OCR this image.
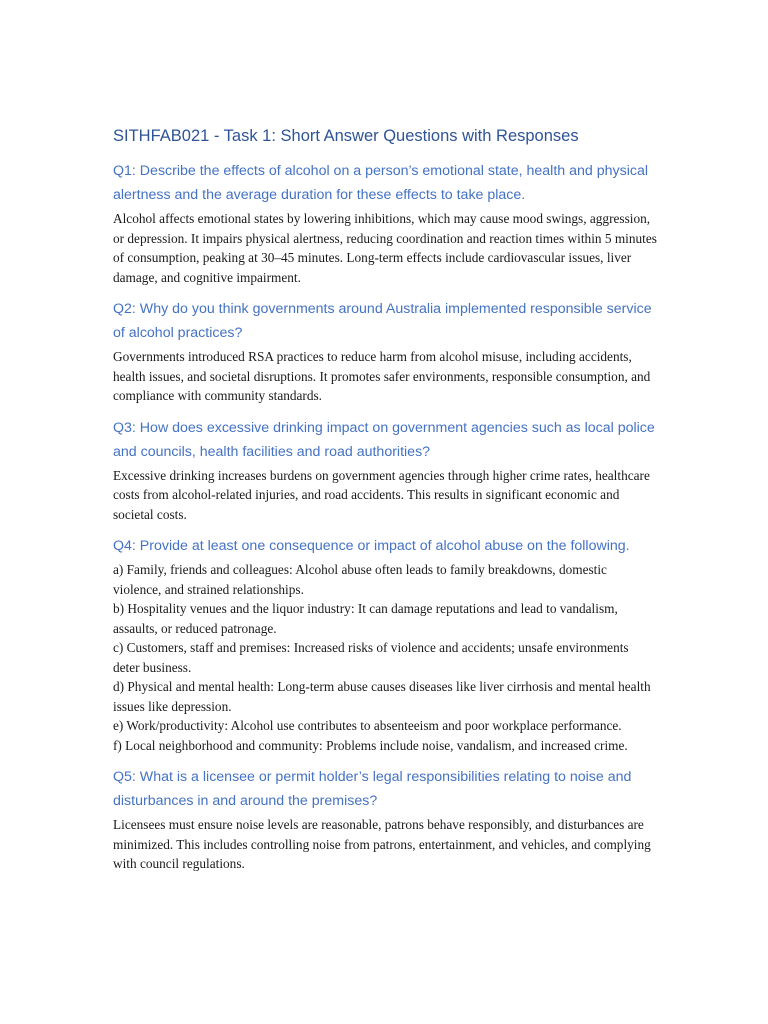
SITHFAB021 - Task 1: Short Answer Questions with Responses
Q1: Describe the effects of alcohol on a person’s emotional state, health and physical alertness and the average duration for these effects to take place.

Alcohol affects emotional states by lowering inhibitions, which may cause mood swings, aggression, or depression. It impairs physical alertness, reducing coordination and reaction times within 5 minutes of consumption, peaking at 30–45 minutes. Long-term effects include cardiovascular issues, liver damage, and cognitive impairment.

Q2: Why do you think governments around Australia implemented responsible service of alcohol practices?

Governments introduced RSA practices to reduce harm from alcohol misuse, including accidents, health issues, and societal disruptions. It promotes safer environments, responsible consumption, and compliance with community standards.

Q3: How does excessive drinking impact on government agencies such as local police and councils, health facilities and road authorities?

Excessive drinking increases burdens on government agencies through higher crime rates, healthcare costs from alcohol-related injuries, and road accidents. This results in significant economic and societal costs.

Q4: Provide at least one consequence or impact of alcohol abuse on the following.

a) Family, friends and colleagues: Alcohol abuse often leads to family breakdowns, domestic violence, and strained relationships.

b) Hospitality venues and the liquor industry: It can damage reputations and lead to vandalism, assaults, or reduced patronage.

c) Customers, staff and premises: Increased risks of violence and accidents; unsafe environments deter business.

d) Physical and mental health: Long-term abuse causes diseases like liver cirrhosis and mental health issues like depression.

e) Work/productivity: Alcohol use contributes to absenteeism and poor workplace performance.

f) Local neighborhood and community: Problems include noise, vandalism, and increased crime.

Q5: What is a licensee or permit holder’s legal responsibilities relating to noise and disturbances in and around the premises?

Licensees must ensure noise levels are reasonable, patrons behave responsibly, and disturbances are minimized. This includes controlling noise from patrons, entertainment, and vehicles, and complying with council regulations.
